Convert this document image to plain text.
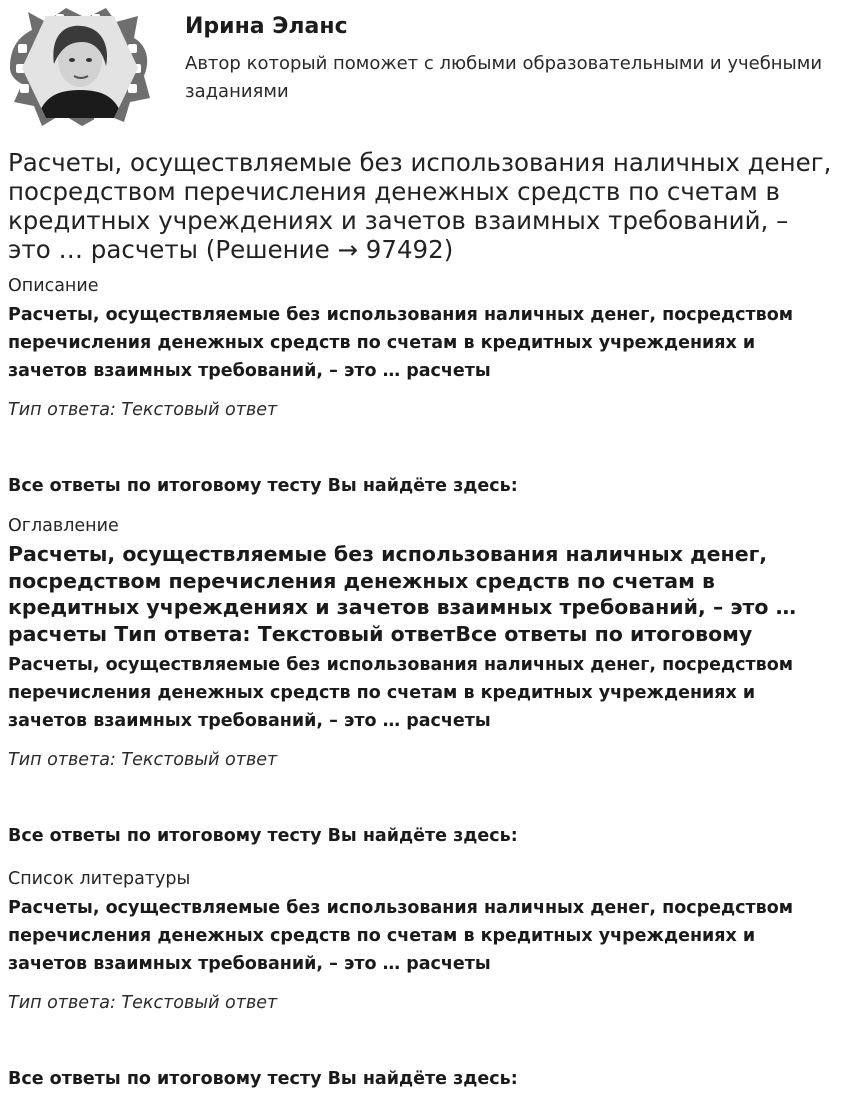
Ирина Эланс
Автор который поможет с любыми образовательными и учебными заданиями
Расчеты, осуществляемые без использования наличных денег, посредством перечисления денежных средств по счетам в кредитных учреждениях и зачетов взаимных требований, – это … расчеты (Решение → 97492)
Описание
Расчеты, осуществляемые без использования наличных денег, посредством перечисления денежных средств по счетам в кредитных учреждениях и зачетов взаимных требований, – это … расчеты
Тип ответа: Текстовый ответ
Все ответы по итоговому тесту Вы найдёте здесь:
Оглавление
Расчеты, осуществляемые без использования наличных денег, посредством перечисления денежных средств по счетам в кредитных учреждениях и зачетов взаимных требований, – это … расчеты Тип ответа: Текстовый ответВсе ответы по итоговому
Расчеты, осуществляемые без использования наличных денег, посредством перечисления денежных средств по счетам в кредитных учреждениях и зачетов взаимных требований, – это … расчеты
Тип ответа: Текстовый ответ
Все ответы по итоговому тесту Вы найдёте здесь:
Список литературы
Расчеты, осуществляемые без использования наличных денег, посредством перечисления денежных средств по счетам в кредитных учреждениях и зачетов взаимных требований, – это … расчеты
Тип ответа: Текстовый ответ
Все ответы по итоговому тесту Вы найдёте здесь:
